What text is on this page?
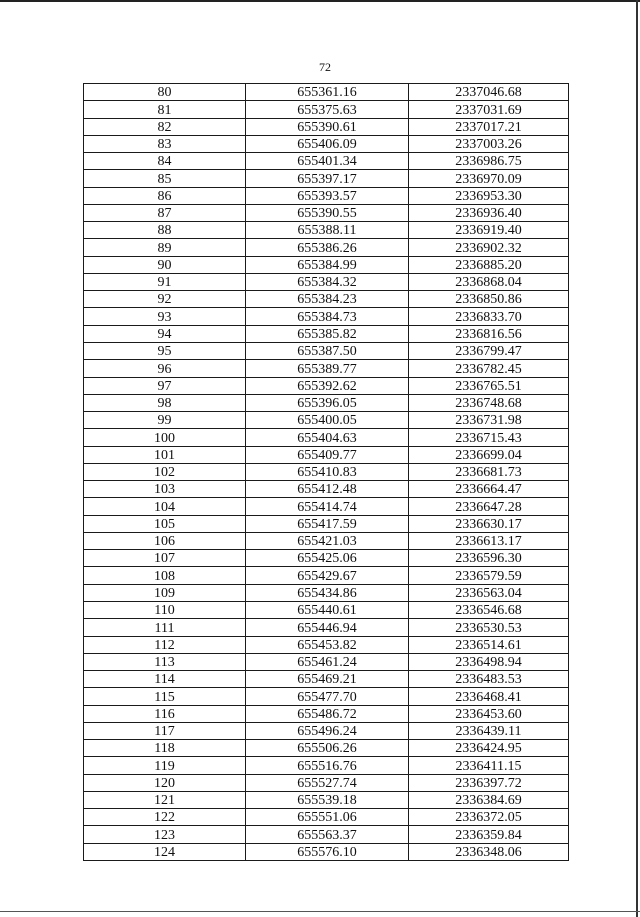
72
80	655361.16	2337046.68
81	655375.63	2337031.69
82	655390.61	2337017.21
83	655406.09	2337003.26
84	655401.34	2336986.75
85	655397.17	2336970.09
86	655393.57	2336953.30
87	655390.55	2336936.40
88	655388.11	2336919.40
89	655386.26	2336902.32
90	655384.99	2336885.20
91	655384.32	2336868.04
92	655384.23	2336850.86
93	655384.73	2336833.70
94	655385.82	2336816.56
95	655387.50	2336799.47
96	655389.77	2336782.45
97	655392.62	2336765.51
98	655396.05	2336748.68
99	655400.05	2336731.98
100	655404.63	2336715.43
101	655409.77	2336699.04
102	655410.83	2336681.73
103	655412.48	2336664.47
104	655414.74	2336647.28
105	655417.59	2336630.17
106	655421.03	2336613.17
107	655425.06	2336596.30
108	655429.67	2336579.59
109	655434.86	2336563.04
110	655440.61	2336546.68
111	655446.94	2336530.53
112	655453.82	2336514.61
113	655461.24	2336498.94
114	655469.21	2336483.53
115	655477.70	2336468.41
116	655486.72	2336453.60
117	655496.24	2336439.11
118	655506.26	2336424.95
119	655516.76	2336411.15
120	655527.74	2336397.72
121	655539.18	2336384.69
122	655551.06	2336372.05
123	655563.37	2336359.84
124	655576.10	2336348.06
